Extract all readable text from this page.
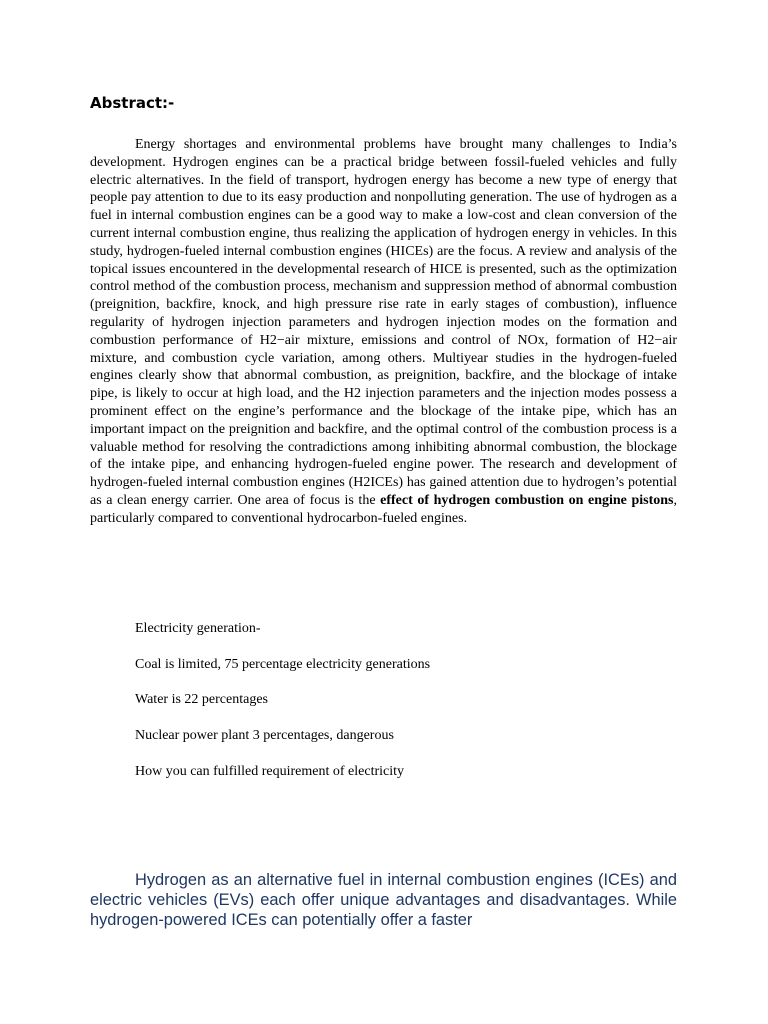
Abstract:-

Energy shortages and environmental problems have brought many challenges to India’s development. Hydrogen engines can be a practical bridge between fossil-fueled vehicles and fully electric alternatives. In the field of transport, hydrogen energy has become a new type of energy that people pay attention to due to its easy production and nonpolluting generation. The use of hydrogen as a fuel in internal combustion engines can be a good way to make a low-cost and clean conversion of the current internal combustion engine, thus realizing the application of hydrogen energy in vehicles. In this study, hydrogen-fueled internal combustion engines (HICEs) are the focus. A review and analysis of the topical issues encountered in the developmental research of HICE is presented, such as the optimization control method of the combustion process, mechanism and suppression method of abnormal combustion (preignition, backfire, knock, and high pressure rise rate in early stages of combustion), influence regularity of hydrogen injection parameters and hydrogen injection modes on the formation and combustion performance of H2−air mixture, emissions and control of NOx, formation of H2−air mixture, and combustion cycle variation, among others. Multiyear studies in the hydrogen-fueled engines clearly show that abnormal combustion, as preignition, backfire, and the blockage of intake pipe, is likely to occur at high load, and the H2 injection parameters and the injection modes possess a prominent effect on the engine’s performance and the blockage of the intake pipe, which has an important impact on the preignition and backfire, and the optimal control of the combustion process is a valuable method for resolving the contradictions among inhibiting abnormal combustion, the blockage of the intake pipe, and enhancing hydrogen-fueled engine power. The research and development of hydrogen-fueled internal combustion engines (H2ICEs) has gained attention due to hydrogen’s potential as a clean energy carrier. One area of focus is the effect of hydrogen combustion on engine pistons, particularly compared to conventional hydrocarbon-fueled engines.

Electricity generation-

Coal is limited, 75 percentage electricity generations

Water is 22 percentages

Nuclear power plant 3 percentages, dangerous

How you can fulfilled requirement of electricity

Hydrogen as an alternative fuel in internal combustion engines (ICEs) and electric vehicles (EVs) each offer unique advantages and disadvantages. While hydrogen-powered ICEs can potentially offer a faster
